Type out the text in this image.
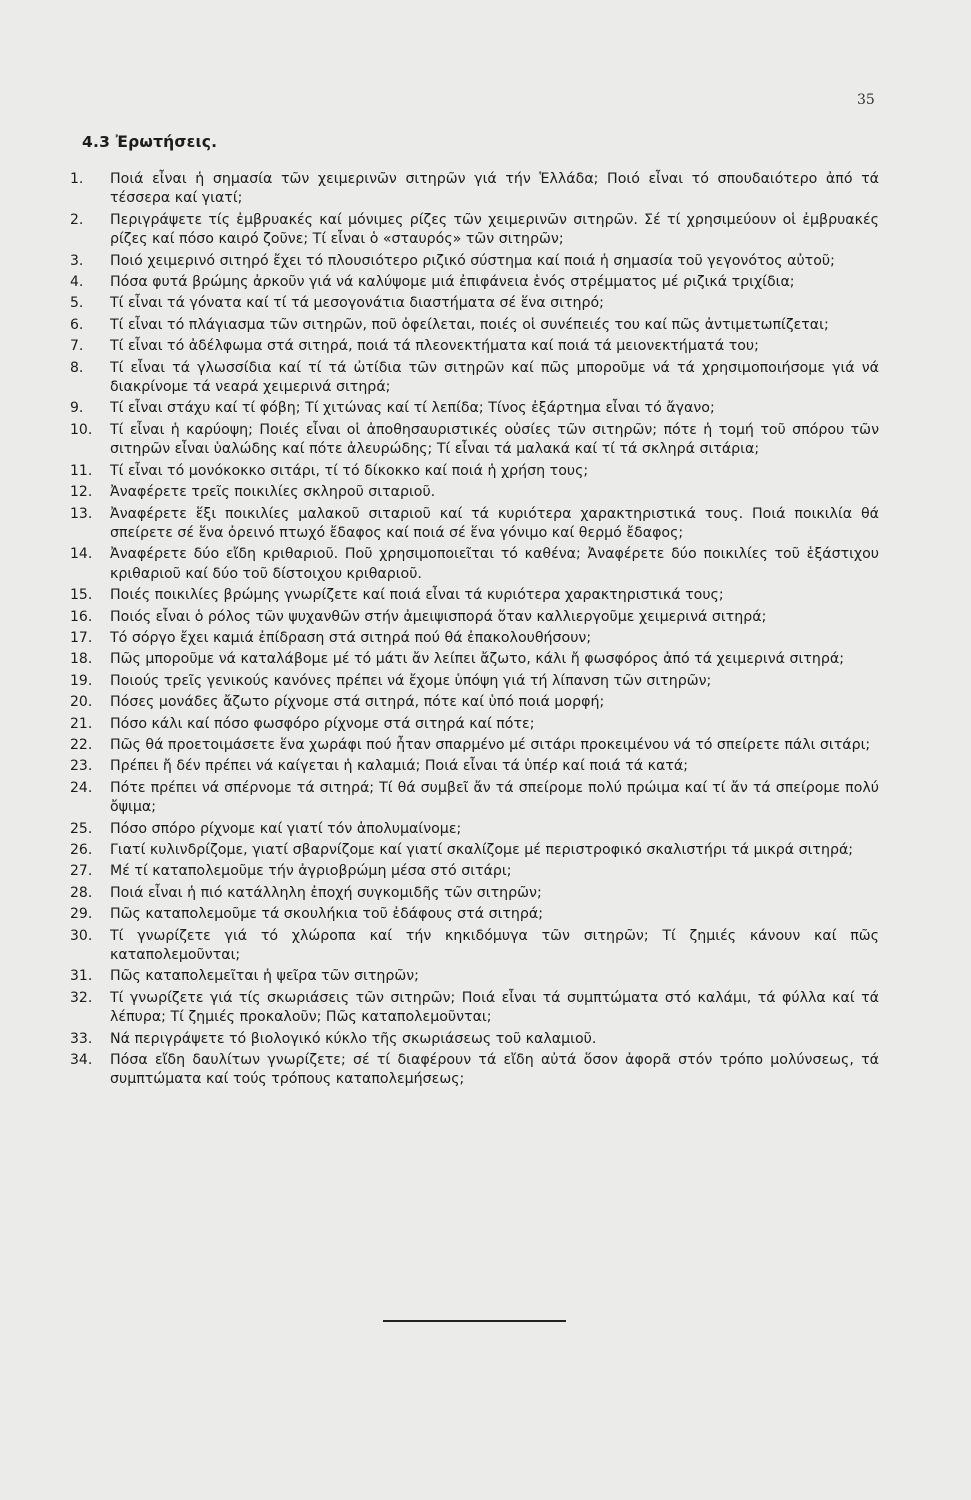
35
4.3 Ἐρωτήσεις.
1.	Ποιά εἶναι ἡ σημασία τῶν χειμερινῶν σιτηρῶν γιά τήν Ἑλλάδα; Ποιό εἶναι τό σπουδαιότερο ἀπό τά τέσσερα καί γιατί;
2.	Περιγράψετε τίς ἐμβρυακές καί μόνιμες ρίζες τῶν χειμερινῶν σιτηρῶν. Σέ τί χρησιμεύουν οἱ ἐμβρυακές ρίζες καί πόσο καιρό ζοῦνε; Τί εἶναι ὁ «σταυρός» τῶν σιτηρῶν;
3.	Ποιό χειμερινό σιτηρό ἔχει τό πλουσιότερο ριζικό σύστημα καί ποιά ἡ σημασία τοῦ γεγονότος αὐτοῦ;
4.	Πόσα φυτά βρώμης ἀρκοῦν γιά νά καλύψομε μιά ἐπιφάνεια ἑνός στρέμματος μέ ριζικά τριχίδια;
5.	Τί εἶναι τά γόνατα καί τί τά μεσογονάτια διαστήματα σέ ἕνα σιτηρό;
6.	Τί εἶναι τό πλάγιασμα τῶν σιτηρῶν, ποῦ ὀφείλεται, ποιές οἱ συνέπειές του καί πῶς ἀντιμετωπίζεται;
7.	Τί εἶναι τό ἀδέλφωμα στά σιτηρά, ποιά τά πλεονεκτήματα καί ποιά τά μειονεκτήματά του;
8.	Τί εἶναι τά γλωσσίδια καί τί τά ὠτίδια τῶν σιτηρῶν καί πῶς μποροῦμε νά τά χρησιμοποιήσομε γιά νά διακρίνομε τά νεαρά χειμερινά σιτηρά;
9.	Τί εἶναι στάχυ καί τί φόβη; Τί χιτώνας καί τί λεπίδα; Τίνος ἐξάρτημα εἶναι τό ἄγανο;
10.	Τί εἶναι ἡ καρύοψη; Ποιές εἶναι οἱ ἀποθησαυριστικές οὐσίες τῶν σιτηρῶν; πότε ἡ τομή τοῦ σπόρου τῶν σιτηρῶν εἶναι ὑαλώδης καί πότε ἀλευρώδης; Τί εἶναι τά μαλακά καί τί τά σκληρά σιτάρια;
11.	Τί εἶναι τό μονόκοκκο σιτάρι, τί τό δίκοκκο καί ποιά ἡ χρήση τους;
12.	Ἀναφέρετε τρεῖς ποικιλίες σκληροῦ σιταριοῦ.
13.	Ἀναφέρετε ἕξι ποικιλίες μαλακοῦ σιταριοῦ καί τά κυριότερα χαρακτηριστικά τους. Ποιά ποικιλία θά σπείρετε σέ ἕνα ὀρεινό πτωχό ἔδαφος καί ποιά σέ ἕνα γόνιμο καί θερμό ἔδαφος;
14.	Ἀναφέρετε δύο εἴδη κριθαριοῦ. Ποῦ χρησιμοποιεῖται τό καθένα; Ἀναφέρετε δύο ποικιλίες τοῦ ἑξάστιχου κριθαριοῦ καί δύο τοῦ δίστοιχου κριθαριοῦ.
15.	Ποιές ποικιλίες βρώμης γνωρίζετε καί ποιά εἶναι τά κυριότερα χαρακτηριστικά τους;
16.	Ποιός εἶναι ὁ ρόλος τῶν ψυχανθῶν στήν ἀμειψισπορά ὅταν καλλιεργοῦμε χειμερινά σιτηρά;
17.	Τό σόργο ἔχει καμιά ἐπίδραση στά σιτηρά πού θά ἐπακολουθήσουν;
18.	Πῶς μποροῦμε νά καταλάβομε μέ τό μάτι ἄν λείπει ἄζωτο, κάλι ἤ φωσφόρος ἀπό τά χειμερινά σιτηρά;
19.	Ποιούς τρεῖς γενικούς κανόνες πρέπει νά ἔχομε ὑπόψη γιά τή λίπανση τῶν σιτηρῶν;
20.	Πόσες μονάδες ἄζωτο ρίχνομε στά σιτηρά, πότε καί ὑπό ποιά μορφή;
21.	Πόσο κάλι καί πόσο φωσφόρο ρίχνομε στά σιτηρά καί πότε;
22.	Πῶς θά προετοιμάσετε ἕνα χωράφι πού ἦταν σπαρμένο μέ σιτάρι προκειμένου νά τό σπείρετε πάλι σιτάρι;
23.	Πρέπει ἤ δέν πρέπει νά καίγεται ἡ καλαμιά; Ποιά εἶναι τά ὑπέρ καί ποιά τά κατά;
24.	Πότε πρέπει νά σπέρνομε τά σιτηρά; Τί θά συμβεῖ ἄν τά σπείρομε πολύ πρώιμα καί τί ἄν τά σπείρομε πολύ ὄψιμα;
25.	Πόσο σπόρο ρίχνομε καί γιατί τόν ἀπολυμαίνομε;
26.	Γιατί κυλινδρίζομε, γιατί σβαρνίζομε καί γιατί σκαλίζομε μέ περιστροφικό σκαλιστήρι τά μικρά σιτηρά;
27.	Μέ τί καταπολεμοῦμε τήν ἀγριοβρώμη μέσα στό σιτάρι;
28.	Ποιά εἶναι ἡ πιό κατάλληλη ἐποχή συγκομιδῆς τῶν σιτηρῶν;
29.	Πῶς καταπολεμοῦμε τά σκουλήκια τοῦ ἐδάφους στά σιτηρά;
30.	Τί γνωρίζετε γιά τό χλώροπα καί τήν κηκιδόμυγα τῶν σιτηρῶν; Τί ζημιές κάνουν καί πῶς καταπολεμοῦνται;
31.	Πῶς καταπολεμεῖται ἡ ψεῖρα τῶν σιτηρῶν;
32.	Τί γνωρίζετε γιά τίς σκωριάσεις τῶν σιτηρῶν; Ποιά εἶναι τά συμπτώματα στό καλάμι, τά φύλλα καί τά λέπυρα; Τί ζημιές προκαλοῦν; Πῶς καταπολεμοῦνται;
33.	Νά περιγράψετε τό βιολογικό κύκλο τῆς σκωριάσεως τοῦ καλαμιοῦ.
34.	Πόσα εἴδη δαυλίτων γνωρίζετε; σέ τί διαφέρουν τά εἴδη αὐτά ὅσον ἀφορᾶ στόν τρόπο μολύνσεως, τά συμπτώματα καί τούς τρόπους καταπολεμήσεως;
